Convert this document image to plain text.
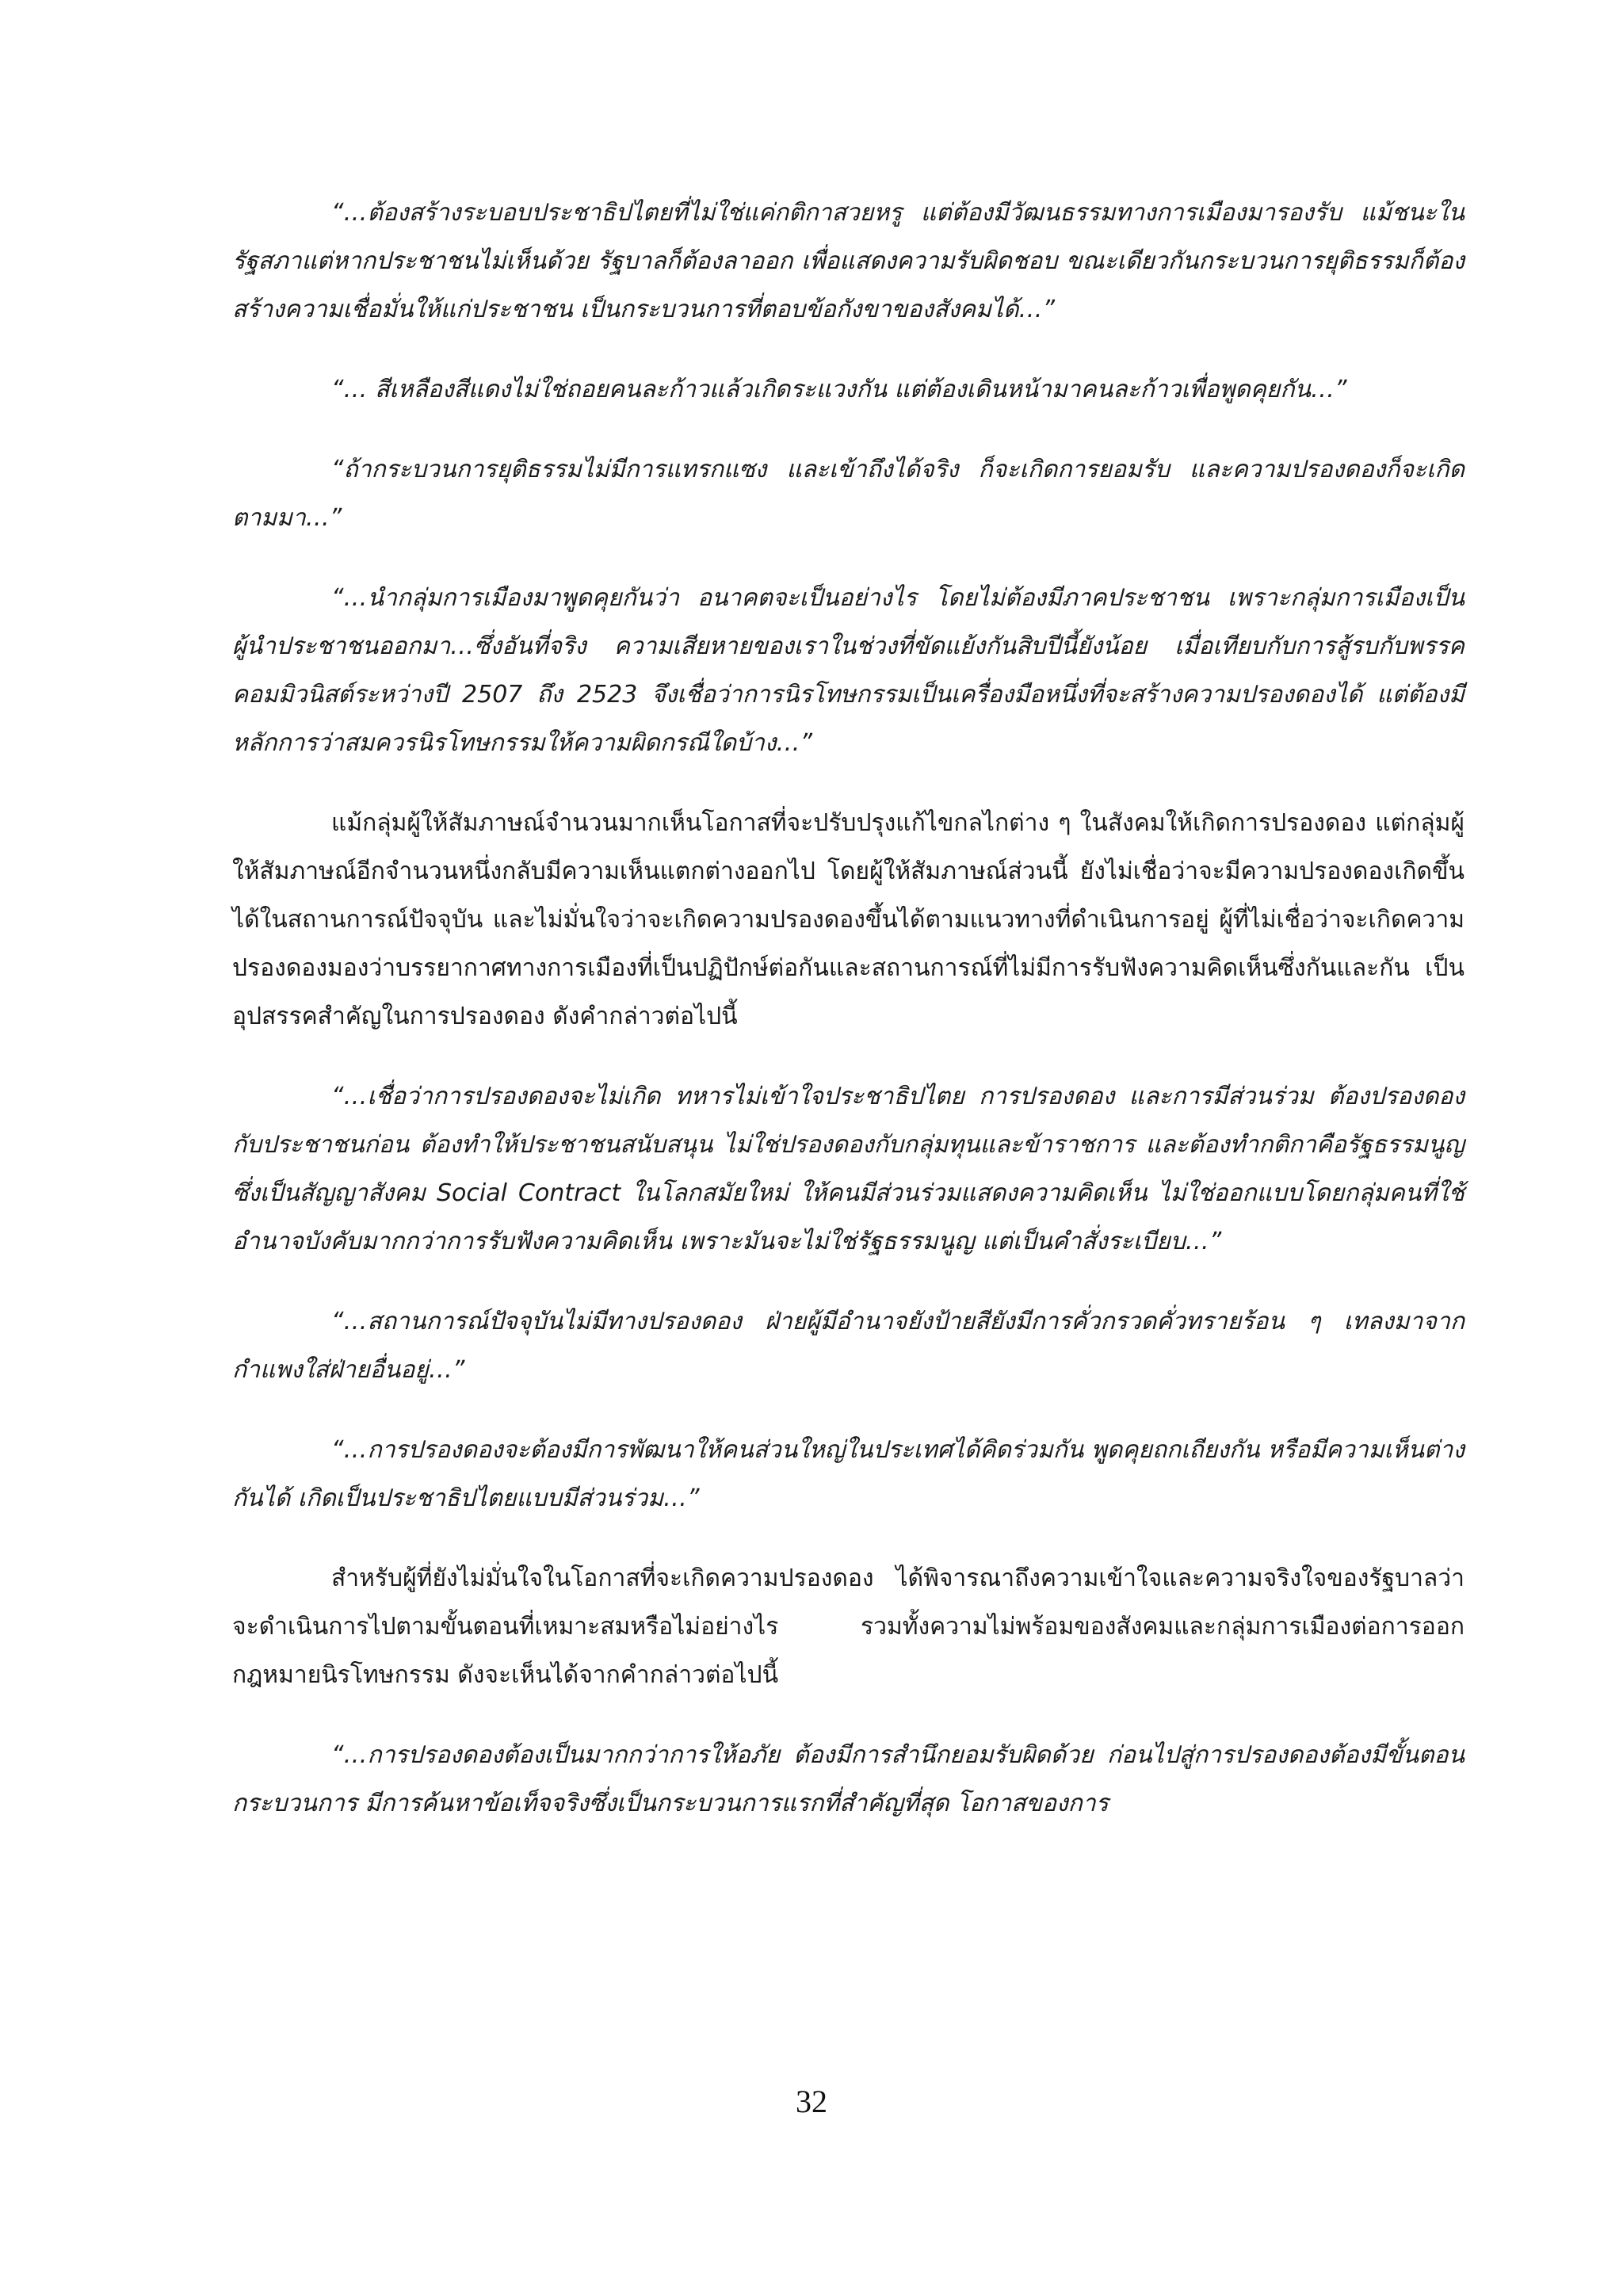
“…ต้องสร้างระบอบประชาธิปไตยที่ไม่ใช่แค่กติกาสวยหรู แต่ต้องมีวัฒนธรรมทางการเมืองมารองรับ แม้ชนะในรัฐสภาแต่หากประชาชนไม่เห็นด้วย รัฐบาลก็ต้องลาออก เพื่อแสดงความรับผิดชอบ ขณะเดียวกันกระบวนการยุติธรรมก็ต้องสร้างความเชื่อมั่นให้แก่ประชาชน เป็นกระบวนการที่ตอบข้อกังขาของสังคมได้…”

“… สีเหลืองสีแดงไม่ใช่ถอยคนละก้าวแล้วเกิดระแวงกัน แต่ต้องเดินหน้ามาคนละก้าวเพื่อพูดคุยกัน…”

“ถ้ากระบวนการยุติธรรมไม่มีการแทรกแซง และเข้าถึงได้จริง ก็จะเกิดการยอมรับ และความปรองดองก็จะเกิดตามมา…”

“…นำกลุ่มการเมืองมาพูดคุยกันว่า อนาคตจะเป็นอย่างไร โดยไม่ต้องมีภาคประชาชน เพราะกลุ่มการเมืองเป็นผู้นำประชาชนออกมา…ซึ่งอันที่จริง ความเสียหายของเราในช่วงที่ขัดแย้งกันสิบปีนี้ยังน้อย เมื่อเทียบกับการสู้รบกับพรรคคอมมิวนิสต์ระหว่างปี 2507 ถึง 2523 จึงเชื่อว่าการนิรโทษกรรมเป็นเครื่องมือหนึ่งที่จะสร้างความปรองดองได้ แต่ต้องมีหลักการว่าสมควรนิรโทษกรรมให้ความผิดกรณีใดบ้าง…”

แม้กลุ่มผู้ให้สัมภาษณ์จำนวนมากเห็นโอกาสที่จะปรับปรุงแก้ไขกลไกต่าง ๆ ในสังคมให้เกิดการปรองดอง แต่กลุ่มผู้ให้สัมภาษณ์อีกจำนวนหนึ่งกลับมีความเห็นแตกต่างออกไป โดยผู้ให้สัมภาษณ์ส่วนนี้ ยังไม่เชื่อว่าจะมีความปรองดองเกิดขึ้นได้ในสถานการณ์ปัจจุบัน และไม่มั่นใจว่าจะเกิดความปรองดองขึ้นได้ตามแนวทางที่ดำเนินการอยู่ ผู้ที่ไม่เชื่อว่าจะเกิดความปรองดองมองว่าบรรยากาศทางการเมืองที่เป็นปฏิปักษ์ต่อกันและสถานการณ์ที่ไม่มีการรับฟังความคิดเห็นซึ่งกันและกัน เป็นอุปสรรคสำคัญในการปรองดอง ดังคำกล่าวต่อไปนี้

“…เชื่อว่าการปรองดองจะไม่เกิด ทหารไม่เข้าใจประชาธิปไตย การปรองดอง และการมีส่วนร่วม ต้องปรองดองกับประชาชนก่อน ต้องทำให้ประชาชนสนับสนุน ไม่ใช่ปรองดองกับกลุ่มทุนและข้าราชการ และต้องทำกติกาคือรัฐธรรมนูญ ซึ่งเป็นสัญญาสังคม Social Contract ในโลกสมัยใหม่ ให้คนมีส่วนร่วมแสดงความคิดเห็น ไม่ใช่ออกแบบโดยกลุ่มคนที่ใช้อำนาจบังคับมากกว่าการรับฟังความคิดเห็น เพราะมันจะไม่ใช่รัฐธรรมนูญ แต่เป็นคำสั่งระเบียบ…”

“…สถานการณ์ปัจจุบันไม่มีทางปรองดอง ฝ่ายผู้มีอำนาจยังป้ายสียังมีการคั่วกรวดคั่วทรายร้อน ๆ เทลงมาจากกำแพงใส่ฝ่ายอื่นอยู่…”

“…การปรองดองจะต้องมีการพัฒนาให้คนส่วนใหญ่ในประเทศได้คิดร่วมกัน พูดคุยถกเถียงกัน หรือมีความเห็นต่างกันได้ เกิดเป็นประชาธิปไตยแบบมีส่วนร่วม…”

สำหรับผู้ที่ยังไม่มั่นใจในโอกาสที่จะเกิดความปรองดอง ได้พิจารณาถึงความเข้าใจและความจริงใจของรัฐบาลว่าจะดำเนินการไปตามขั้นตอนที่เหมาะสมหรือไม่อย่างไร รวมทั้งความไม่พร้อมของสังคมและกลุ่มการเมืองต่อการออกกฎหมายนิรโทษกรรม ดังจะเห็นได้จากคำกล่าวต่อไปนี้

“…การปรองดองต้องเป็นมากกว่าการให้อภัย ต้องมีการสำนึกยอมรับผิดด้วย ก่อนไปสู่การปรองดองต้องมีขั้นตอนกระบวนการ มีการค้นหาข้อเท็จจริงซึ่งเป็นกระบวนการแรกที่สำคัญที่สุด โอกาสของการ

32
